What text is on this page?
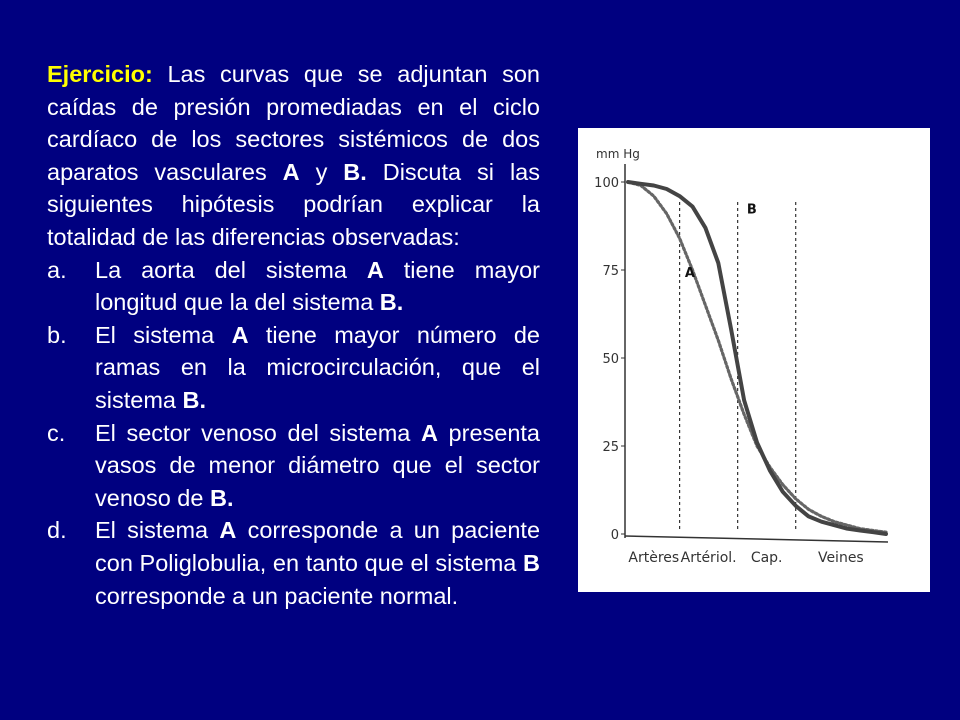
Ejercicio: Las curvas que se adjuntan son caídas de presión promediadas en el ciclo cardíaco de los sectores sistémicos de dos aparatos vasculares A y B. Discuta si las siguientes hipótesis podrían explicar la totalidad de las diferencias observadas:

a. La aorta del sistema A tiene mayor longitud que la del sistema B.
b. El sistema A tiene mayor número de ramas en la microcirculación, que el sistema B.
c. El sector venoso del sistema A presenta vasos de menor diámetro que el sector venoso de B.
d. El sistema A corresponde a un paciente con Poliglobulia, en tanto que el sistema B corresponde a un paciente normal.
0
25
50
75
100
mm Hg
Artères Artériol. Cap.	Veines
A
B
